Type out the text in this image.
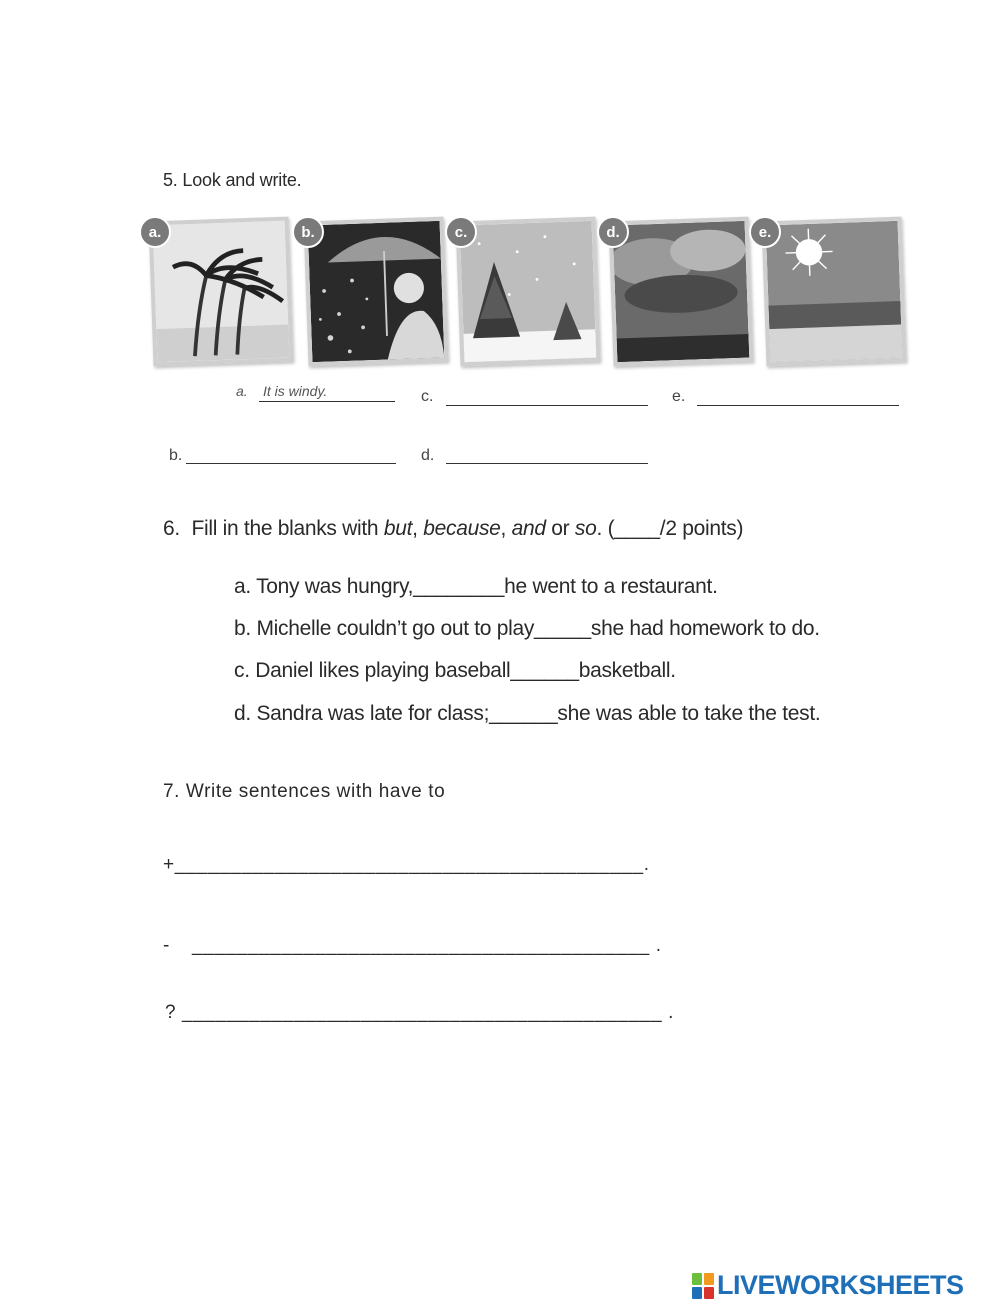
5. Look and write.
a.	b.	c.	d.	e.
a. It is windy.	c.	e.
b.	d.
6. Fill in the blanks with but, because, and or so. (____/2 points)
a. Tony was hungry,________he went to a restaurant.
b. Michelle couldn’t go out to play_____she had homework to do.
c. Daniel likes playing baseball______basketball.
d. Sandra was late for class;______she was able to take the test.
7. Write sentences with have to
+__________________________________________.
- _________________________________________ .
? ___________________________________________ .
LIVEWORKSHEETS
